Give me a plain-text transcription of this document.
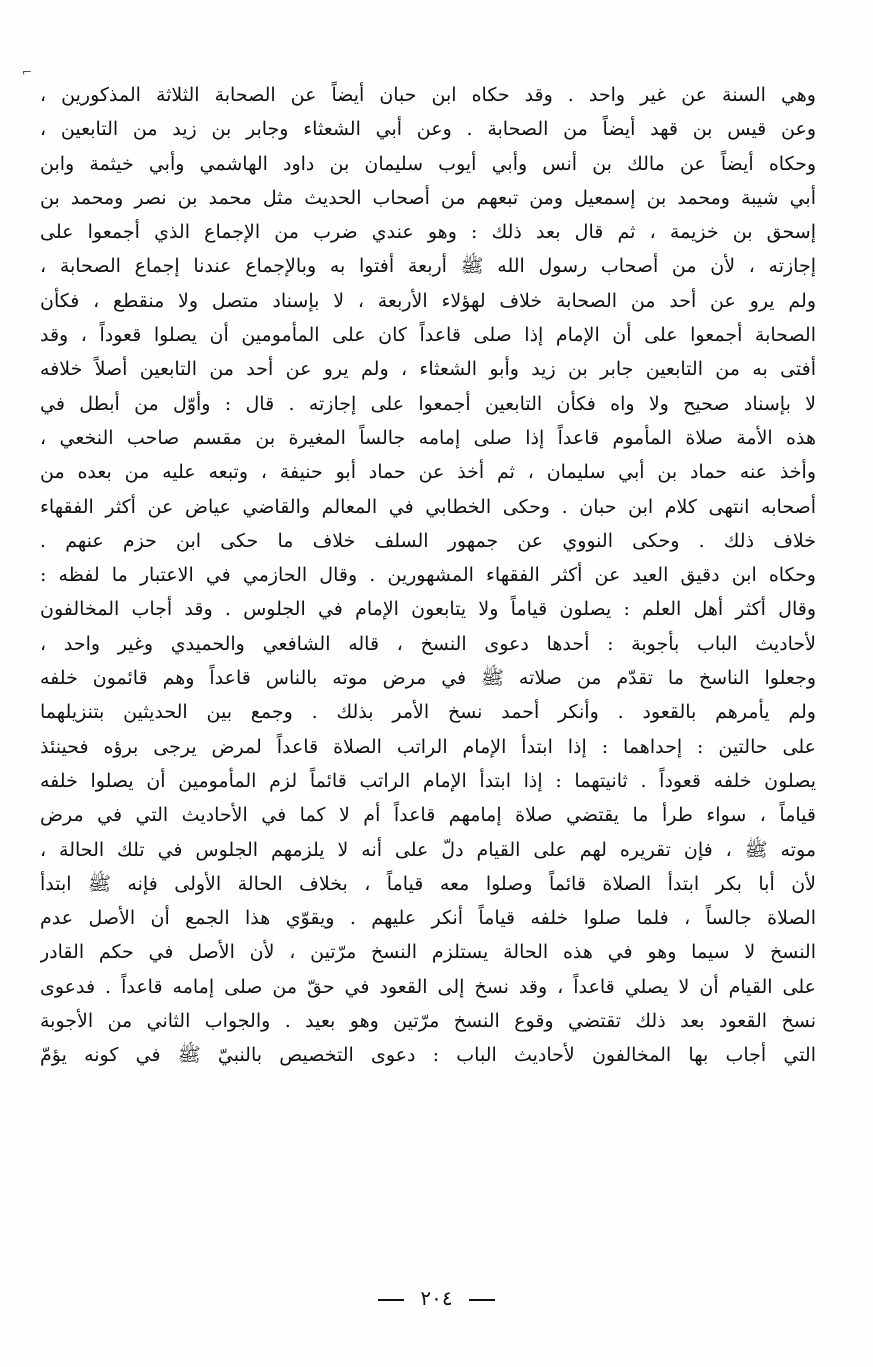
⌐
وهي السنة عن غير واحد . وقد حكاه ابن حبان أيضاً عن الصحابة الثلاثة المذكورين ،
وعن قيس بن قهد أيضاً من الصحابة . وعن أبي الشعثاء وجابر بن زيد من التابعين ،
وحكاه أيضاً عن مالك بن أنس وأبي أيوب سليمان بن داود الهاشمي وأبي خيثمة وابن
أبي شيبة ومحمد بن إسمعيل ومن تبعهم من أصحاب الحديث مثل محمد بن نصر ومحمد بن
إسحق بن خزيمة ، ثم قال بعد ذلك : وهو عندي ضرب من الإجماع الذي أجمعوا على
إجازته ، لأن من أصحاب رسول الله ﷺ أربعة أفتوا به وبالإجماع عندنا إجماع الصحابة ،
ولم يرو عن أحد من الصحابة خلاف لهؤلاء الأربعة ، لا بإسناد متصل ولا منقطع ، فكأن
الصحابة أجمعوا على أن الإمام إذا صلى قاعداً كان على المأمومين أن يصلوا قعوداً ، وقد
أفتى به من التابعين جابر بن زيد وأبو الشعثاء ، ولم يرو عن أحد من التابعين أصلاً خلافه
لا بإسناد صحيح ولا واه فكأن التابعين أجمعوا على إجازته . قال : وأوّل من أبطل في
هذه الأمة صلاة المأموم قاعداً إذا صلى إمامه جالساً المغيرة بن مقسم صاحب النخعي ،
وأخذ عنه حماد بن أبي سليمان ، ثم أخذ عن حماد أبو حنيفة ، وتبعه عليه من بعده من
أصحابه انتهى كلام ابن حبان . وحكى الخطابي في المعالم والقاضي عياض عن أكثر الفقهاء
خلاف ذلك . وحكى النووي عن جمهور السلف خلاف ما حكى ابن حزم عنهم .
وحكاه ابن دقيق العيد عن أكثر الفقهاء المشهورين . وقال الحازمي في الاعتبار ما لفظه :
وقال أكثر أهل العلم : يصلون قياماً ولا يتابعون الإمام في الجلوس . وقد أجاب المخالفون
لأحاديث الباب بأجوبة : أحدها دعوى النسخ ، قاله الشافعي والحميدي وغير واحد ،
وجعلوا الناسخ ما تقدّم من صلاته ﷺ في مرض موته بالناس قاعداً وهم قائمون خلفه
ولم يأمرهم بالقعود . وأنكر أحمد نسخ الأمر بذلك . وجمع بين الحديثين بتنزيلهما
على حالتين : إحداهما : إذا ابتدأ الإمام الراتب الصلاة قاعداً لمرض يرجى برؤه فحينئذ
يصلون خلفه قعوداً . ثانيتهما : إذا ابتدأ الإمام الراتب قائماً لزم المأمومين أن يصلوا خلفه
قياماً ، سواء طرأ ما يقتضي صلاة إمامهم قاعداً أم لا كما في الأحاديث التي في مرض
موته ﷺ ، فإن تقريره لهم على القيام دلّ على أنه لا يلزمهم الجلوس في تلك الحالة ،
لأن أبا بكر ابتدأ الصلاة قائماً وصلوا معه قياماً ، بخلاف الحالة الأولى فإنه ﷺ ابتدأ
الصلاة جالساً ، فلما صلوا خلفه قياماً أنكر عليهم . ويقوّي هذا الجمع أن الأصل عدم
النسخ لا سيما وهو في هذه الحالة يستلزم النسخ مرّتين ، لأن الأصل في حكم القادر
على القيام أن لا يصلي قاعداً ، وقد نسخ إلى القعود في حقّ من صلى إمامه قاعداً . فدعوى
نسخ القعود بعد ذلك تقتضي وقوع النسخ مرّتين وهو بعيد . والجواب الثاني من الأجوبة
التي أجاب بها المخالفون لأحاديث الباب : دعوى التخصيص بالنبيّ ﷺ في كونه يؤمّ
٢٠٤
